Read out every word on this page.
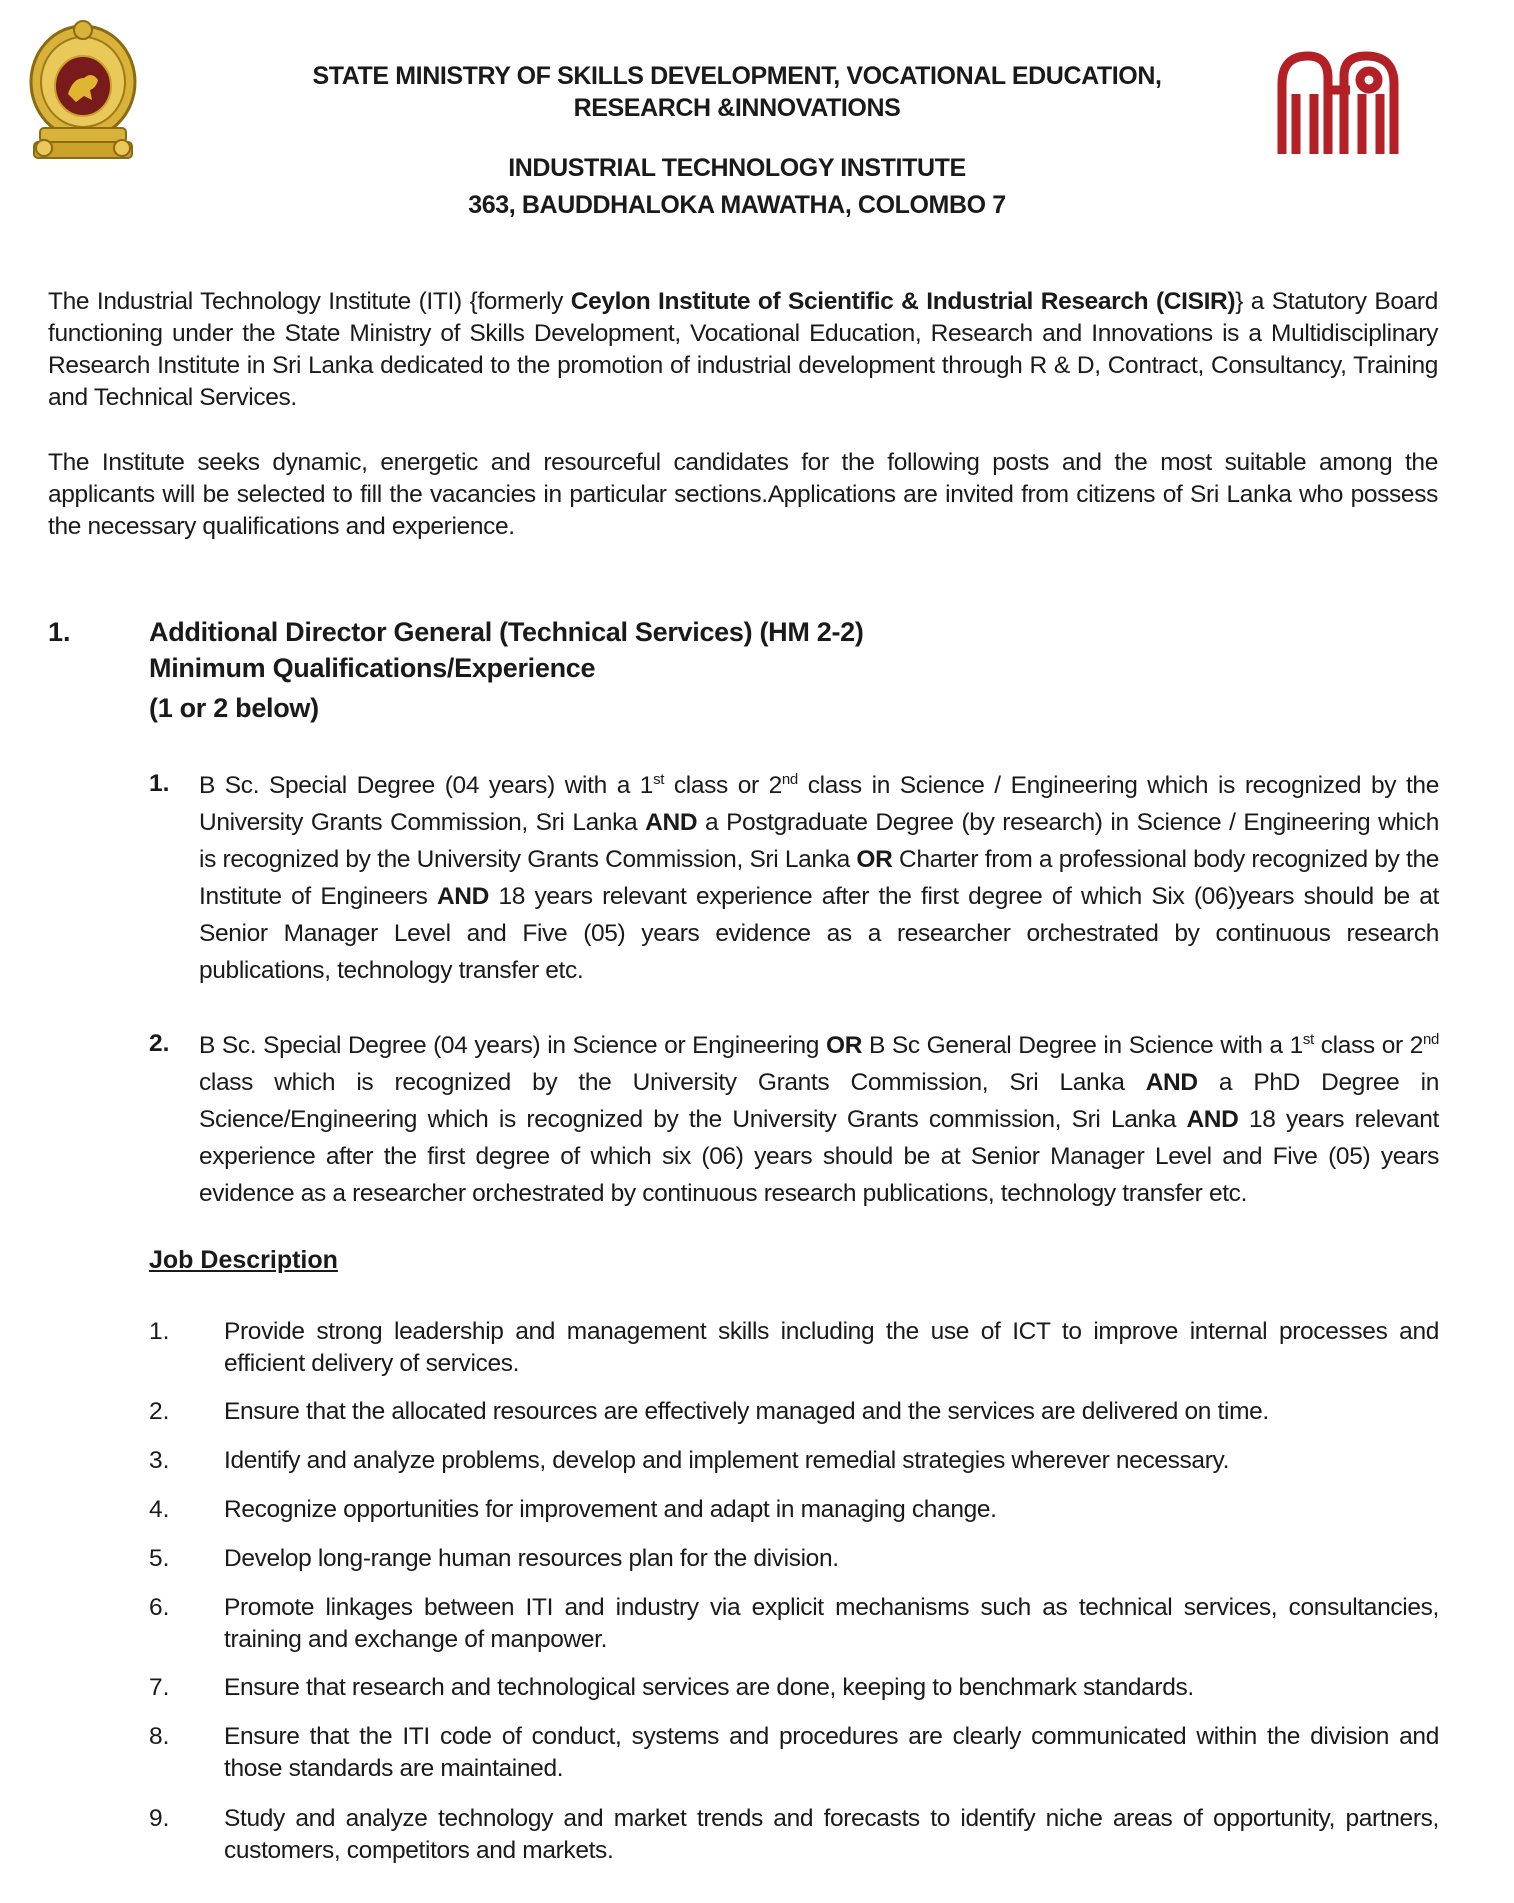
STATE MINISTRY OF SKILLS DEVELOPMENT, VOCATIONAL EDUCATION,
RESEARCH &INNOVATIONS
INDUSTRIAL TECHNOLOGY INSTITUTE
363, BAUDDHALOKA MAWATHA, COLOMBO 7
The Industrial Technology Institute (ITI) {formerly Ceylon Institute of Scientific & Industrial Research (CISIR)} a Statutory Board functioning under the State Ministry of Skills Development, Vocational Education, Research and Innovations is a Multidisciplinary Research Institute in Sri Lanka dedicated to the promotion of industrial development through R & D, Contract, Consultancy, Training and Technical Services.
The Institute seeks dynamic, energetic and resourceful candidates for the following posts and the most suitable among the applicants will be selected to fill the vacancies in particular sections.Applications are invited from citizens of Sri Lanka who possess the necessary qualifications and experience.
1.	Additional Director General (Technical Services) (HM 2-2)
Minimum Qualifications/Experience
(1 or 2 below)
1. B Sc. Special Degree (04 years) with a 1st class or 2nd class in Science / Engineering which is recognized by the University Grants Commission, Sri Lanka AND a Postgraduate Degree (by research) in Science / Engineering which is recognized by the University Grants Commission, Sri Lanka OR Charter from a professional body recognized by the Institute of Engineers AND 18 years relevant experience after the first degree of which Six (06)years should be at Senior Manager Level and Five (05) years evidence as a researcher orchestrated by continuous research publications, technology transfer etc.
2. B Sc. Special Degree (04 years) in Science or Engineering OR B Sc General Degree in Science with a 1st class or 2nd class which is recognized by the University Grants Commission, Sri Lanka AND a PhD Degree in Science/Engineering which is recognized by the University Grants commission, Sri Lanka AND 18 years relevant experience after the first degree of which six (06) years should be at Senior Manager Level and Five (05) years evidence as a researcher orchestrated by continuous research publications, technology transfer etc.
Job Description
1. Provide strong leadership and management skills including the use of ICT to improve internal processes and efficient delivery of services.
2. Ensure that the allocated resources are effectively managed and the services are delivered on time.
3. Identify and analyze problems, develop and implement remedial strategies wherever necessary.
4. Recognize opportunities for improvement and adapt in managing change.
5. Develop long-range human resources plan for the division.
6. Promote linkages between ITI and industry via explicit mechanisms such as technical services, consultancies, training and exchange of manpower.
7. Ensure that research and technological services are done, keeping to benchmark standards.
8. Ensure that the ITI code of conduct, systems and procedures are clearly communicated within the division and those standards are maintained.
9. Study and analyze technology and market trends and forecasts to identify niche areas of opportunity, partners, customers, competitors and markets.
